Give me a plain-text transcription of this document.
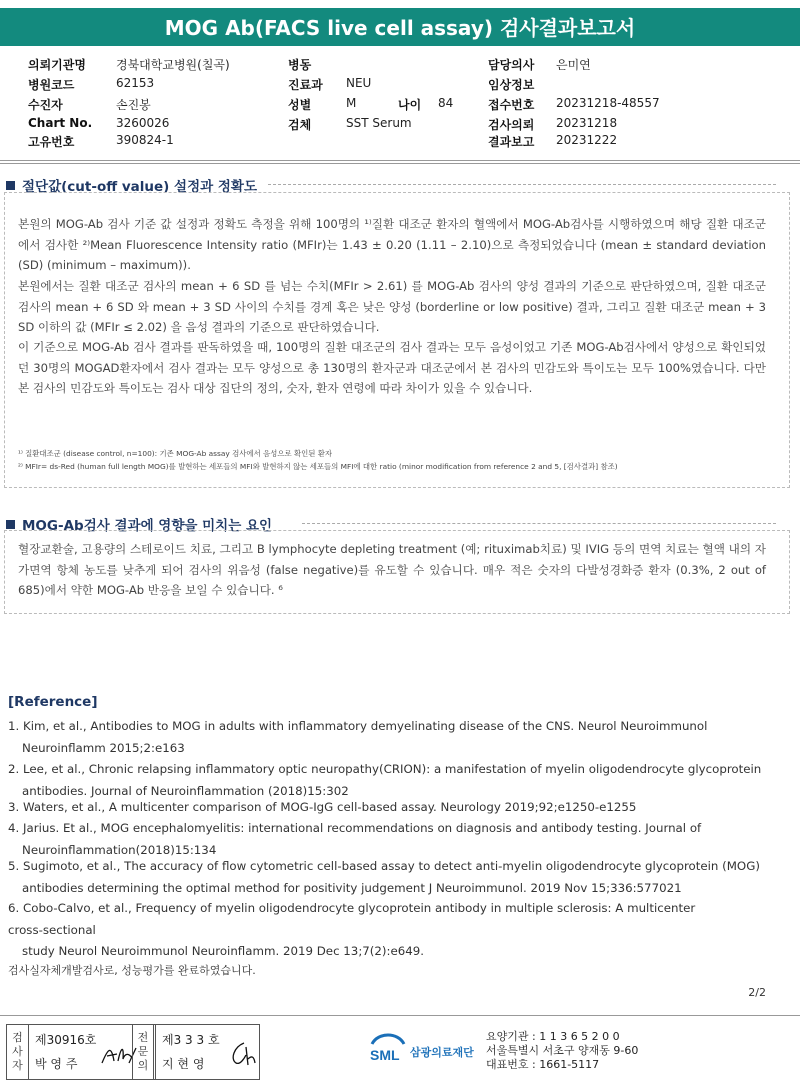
MOG Ab(FACS live cell assay) 검사결과보고서
의뢰기관명	경북대학교병원(칠곡)
병원코드	62153
수진자	손진봉
Chart No. 3260026
고유번호	390824-1
병동
진료과 NEU
성별	M	나이 84
검체	SST Serum
담당의사 은미연
임상정보
접수번호 20231218-48557
검사의뢰 20231218
결과보고 20231222
절단값(cut-off value) 설정과 정확도
본원의 MOG-Ab 검사 기준 값 설정과 정확도 측정을 위해 100명의 ¹⁾질환 대조군 환자의 혈액에서 MOG-Ab검사를 시행하였으며 해당 질환 대조군에서 검사한 ²⁾Mean Fluorescence Intensity ratio (MFIr)는 1.43 ± 0.20 (1.11 – 2.10)으로 측정되었습니다 (mean ± standard deviation (SD) (minimum – maximum)).
본원에서는 질환 대조군 검사의 mean + 6 SD 를 넘는 수치(MFIr > 2.61) 를 MOG-Ab 검사의 양성 결과의 기준으로 판단하였으며, 질환 대조군 검사의 mean + 6 SD 와 mean + 3 SD 사이의 수치를 경계 혹은 낮은 양성 (borderline or low positive) 결과, 그리고 질환 대조군 mean + 3 SD 이하의 값 (MFIr ≤ 2.02) 을 음성 결과의 기준으로 판단하였습니다.
이 기준으로 MOG-Ab 검사 결과를 판독하였을 때, 100명의 질환 대조군의 검사 결과는 모두 음성이었고 기존 MOG-Ab검사에서 양성으로 확인되었던 30명의 MOGAD환자에서 검사 결과는 모두 양성으로 총 130명의 환자군과 대조군에서 본 검사의 민감도와 특이도는 모두 100%였습니다. 다만 본 검사의 민감도와 특이도는 검사 대상 집단의 정의, 숫자, 환자 연령에 따라 차이가 있을 수 있습니다.
¹⁾ 질환대조군 (disease control, n=100): 기존 MOG-Ab assay 검사에서 음성으로 확인된 환자
²⁾ MFIr= ds-Red (human full length MOG)를 발현하는 세포들의 MFI와 발현하지 않는 세포들의 MFI에 대한 ratio (minor modification from reference 2 and 5, [검사결과] 참조)
MOG-Ab검사 결과에 영향을 미치는 요인
혈장교환술, 고용량의 스테로이드 치료, 그리고 B lymphocyte depleting treatment (예; rituximab치료) 및 IVIG 등의 면역 치료는 혈액 내의 자가면역 항체 농도를 낮추게 되어 검사의 위음성 (false negative)를 유도할 수 있습니다. 매우 적은 숫자의 다발성경화증 환자 (0.3%, 2 out of 685)에서 약한 MOG-Ab 반응을 보일 수 있습니다. ⁶
[Reference]
1. Kim, et al., Antibodies to MOG in adults with inflammatory demyelinating disease of the CNS. Neurol Neuroimmunol
Neuroinflamm 2015;2:e163
2. Lee, et al., Chronic relapsing inflammatory optic neuropathy(CRION): a manifestation of myelin oligodendrocyte glycoprotein
antibodies. Journal of Neuroinflammation (2018)15:302
3. Waters, et al., A multicenter comparison of MOG-IgG cell-based assay. Neurology 2019;92;e1250-e1255
4. Jarius. Et al., MOG encephalomyelitis: international recommendations on diagnosis and antibody testing. Journal of
Neuroinflammation(2018)15:134
5. Sugimoto, et al., The accuracy of flow cytometric cell-based assay to detect anti-myelin oligodendrocyte glycoprotein (MOG)
antibodies determining the optimal method for positivity judgement J Neuroimmunol. 2019 Nov 15;336:577021
6. Cobo-Calvo, et al., Frequency of myelin oligodendrocyte glycoprotein antibody in multiple sclerosis: A multicenter
cross-sectional
study Neurol Neuroimmunol Neuroinflamm. 2019 Dec 13;7(2):e649.
검사실자체개발검사로, 성능평가를 완료하였습니다.
2/2
검사자
제30916호
박 영 주
전문의
제3 3 3 호
지 현 영
SML 삼광의료재단
요양기관 : 1 1 3 6 5 2 0 0
서울특별시 서초구 양재동 9-60
대표번호 : 1661-5117
